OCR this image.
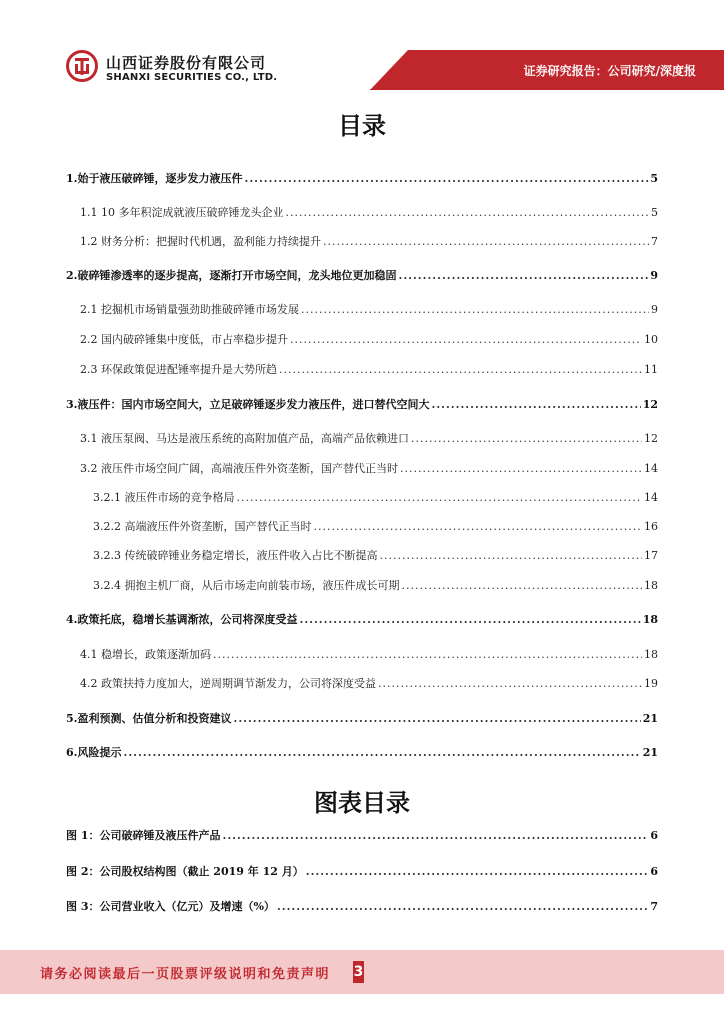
山西证券股份有限公司
SHANXI SECURITIES CO., LTD.	证券研究报告：公司研究/深度报
目录
1.始于液压破碎锤，逐步发力液压件 .....	5
1.1 10 多年积淀成就液压破碎锤龙头企业 .....	5
1.2 财务分析：把握时代机遇，盈利能力持续提升 .....	7
2.破碎锤渗透率的逐步提高，逐渐打开市场空间，龙头地位更加稳固 .....	9
2.1 挖掘机市场销量强劲助推破碎锤市场发展 .....	9
2.2 国内破碎锤集中度低，市占率稳步提升 .....	10
2.3 环保政策促进配锤率提升是大势所趋 .....	11
3.液压件：国内市场空间大，立足破碎锤逐步发力液压件，进口替代空间大 .....	12
3.1 液压泵阀、马达是液压系统的高附加值产品，高端产品依赖进口 .....	12
3.2 液压件市场空间广阔，高端液压件外资垄断，国产替代正当时 .....	14
3.2.1 液压件市场的竞争格局 .....	14
3.2.2 高端液压件外资垄断，国产替代正当时 .....	16
3.2.3 传统破碎锤业务稳定增长，液压件收入占比不断提高 .....	17
3.2.4 拥抱主机厂商，从后市场走向前装市场，液压件成长可期 .....	18
4.政策托底，稳增长基调渐浓，公司将深度受益 .....	18
4.1 稳增长，政策逐渐加码 .....	18
4.2 政策扶持力度加大，逆周期调节渐发力，公司将深度受益 .....	19
5.盈利预测、估值分析和投资建议 .....	21
6.风险提示 .....	21
图表目录
图 1：公司破碎锤及液压件产品 .....	6
图 2：公司股权结构图（截止 2019 年 12 月） .....	6
图 3：公司营业收入（亿元）及增速（%） .....	7
请务必阅读最后一页股票评级说明和免责声明 3
